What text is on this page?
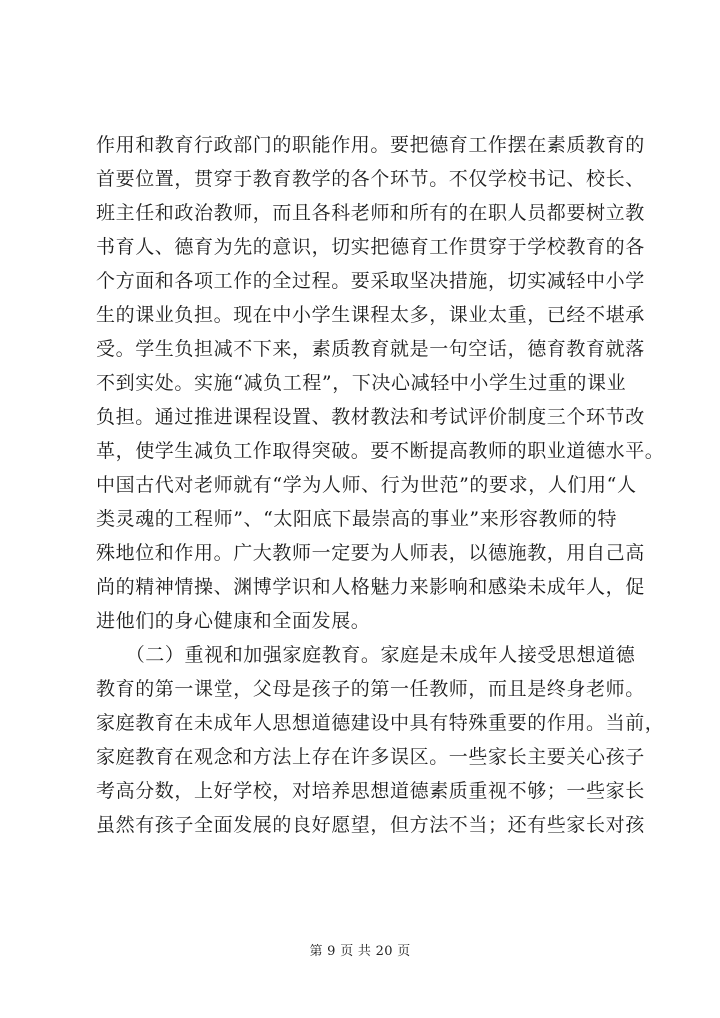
作用和教育行政部门的职能作用。要把德育工作摆在素质教育的
首要位置，贯穿于教育教学的各个环节。不仅学校书记、校长、
班主任和政治教师，而且各科老师和所有的在职人员都要树立教
书育人、德育为先的意识，切实把德育工作贯穿于学校教育的各
个方面和各项工作的全过程。要采取坚决措施，切实减轻中小学
生的课业负担。现在中小学生课程太多，课业太重，已经不堪承
受。学生负担减不下来，素质教育就是一句空话，德育教育就落
不到实处。实施“减负工程”，下决心减轻中小学生过重的课业
负担。通过推进课程设置、教材教法和考试评价制度三个环节改
革，使学生减负工作取得突破。要不断提高教师的职业道德水平。
中国古代对老师就有“学为人师、行为世范”的要求，人们用“人
类灵魂的工程师”、“太阳底下最崇高的事业”来形容教师的特
殊地位和作用。广大教师一定要为人师表，以德施教，用自己高
尚的精神情操、渊博学识和人格魅力来影响和感染未成年人，促
进他们的身心健康和全面发展。
　　（二）重视和加强家庭教育。家庭是未成年人接受思想道德
教育的第一课堂，父母是孩子的第一任教师，而且是终身老师。
家庭教育在未成年人思想道德建设中具有特殊重要的作用。当前，
家庭教育在观念和方法上存在许多误区。一些家长主要关心孩子
考高分数，上好学校，对培养思想道德素质重视不够；一些家长
虽然有孩子全面发展的良好愿望，但方法不当；还有些家长对孩
第 9 页 共 20 页
